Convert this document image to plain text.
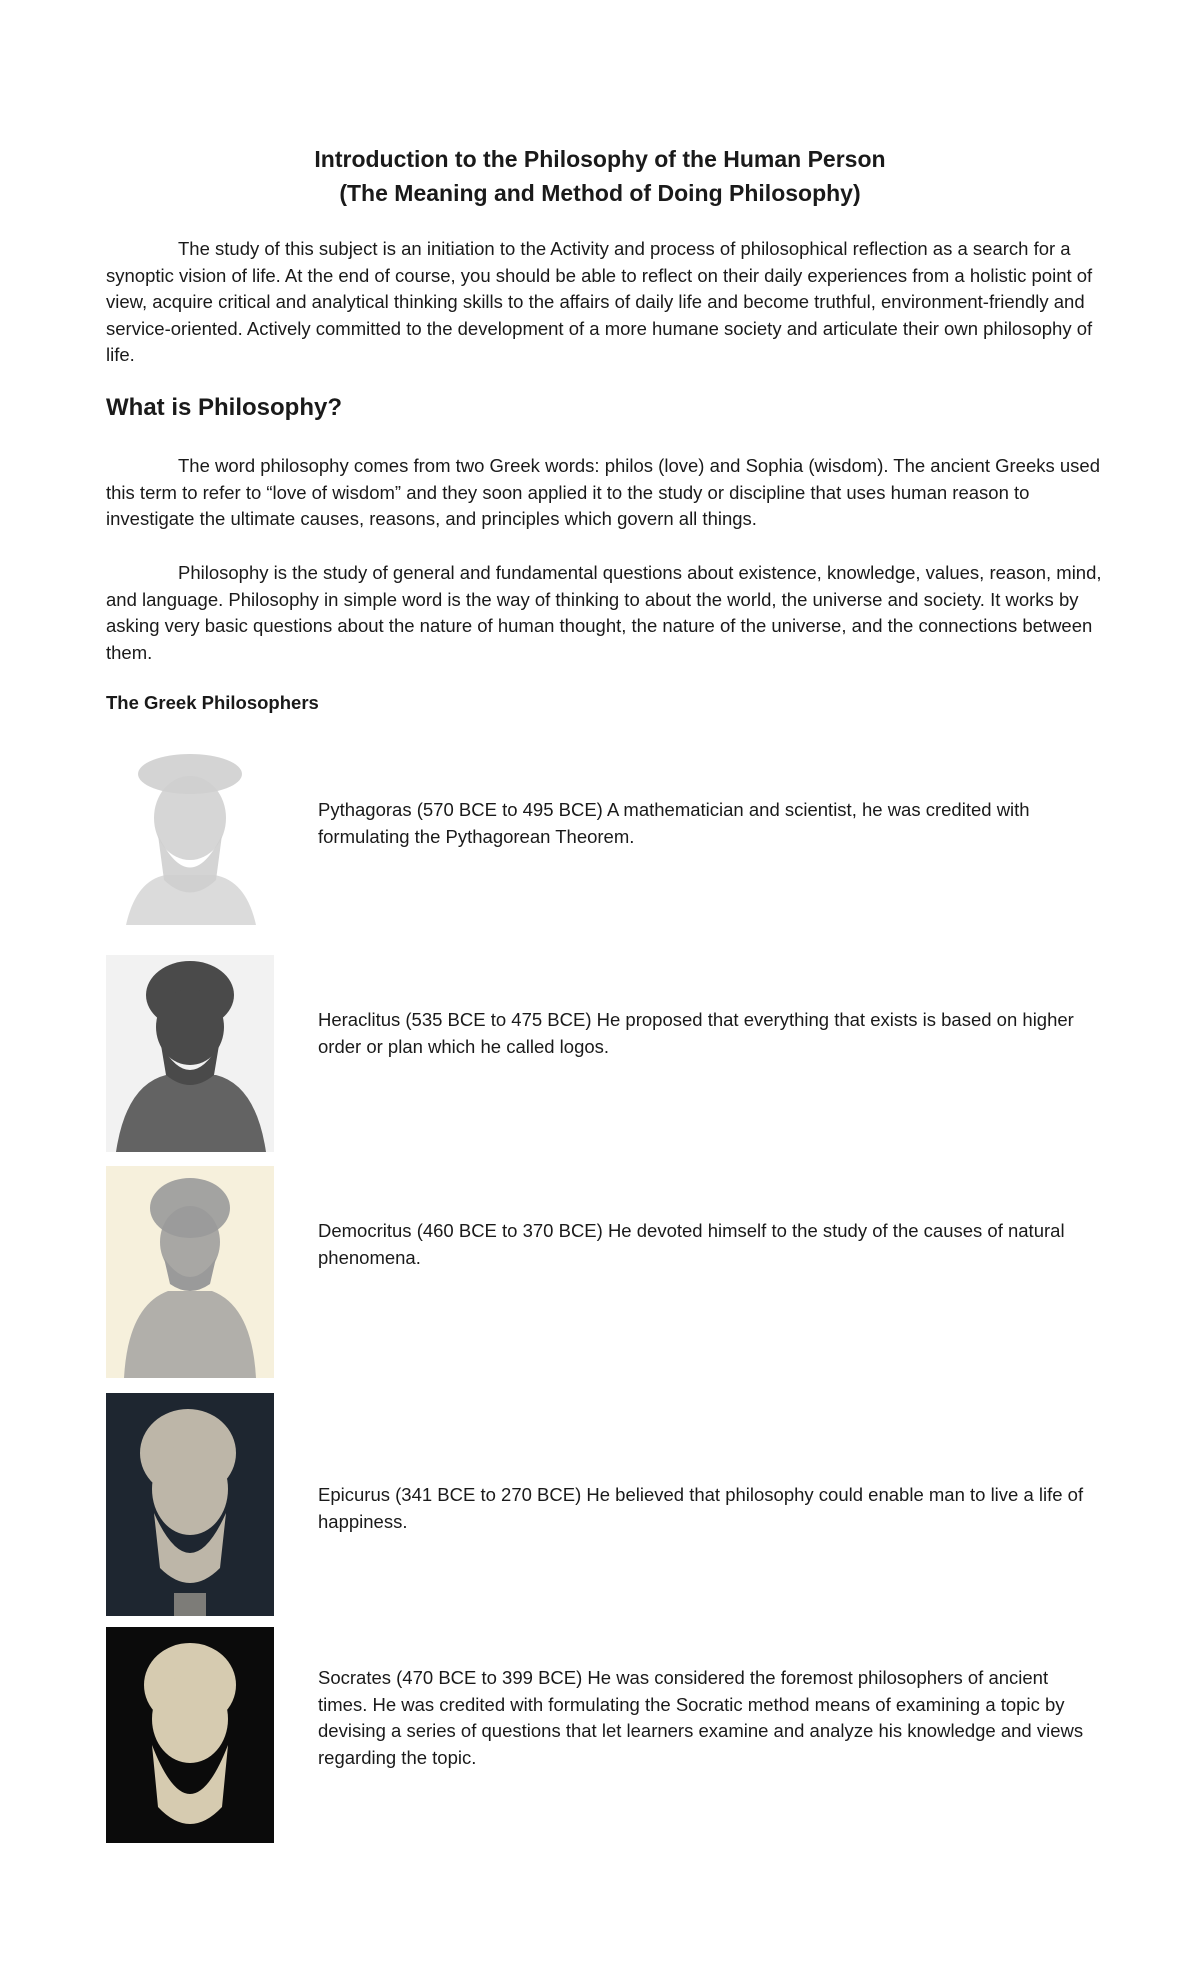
Introduction to the Philosophy of the Human Person
(The Meaning and Method of Doing Philosophy)

The study of this subject is an initiation to the Activity and process of philosophical reflection as a search for a synoptic vision of life. At the end of course, you should be able to reflect on their daily experiences from a holistic point of view, acquire critical and analytical thinking skills to the affairs of daily life and become truthful, environment-friendly and service-oriented. Actively committed to the development of a more humane society and articulate their own philosophy of life.

What is Philosophy?

The word philosophy comes from two Greek words: philos (love) and Sophia (wisdom). The ancient Greeks used this term to refer to “love of wisdom” and they soon applied it to the study or discipline that uses human reason to investigate the ultimate causes, reasons, and principles which govern all things.

Philosophy is the study of general and fundamental questions about existence, knowledge, values, reason, mind, and language. Philosophy in simple word is the way of thinking to about the world, the universe and society. It works by asking very basic questions about the nature of human thought, the nature of the universe, and the connections between them.

The Greek Philosophers

Pythagoras (570 BCE to 495 BCE) A mathematician and scientist, he was credited with formulating the Pythagorean Theorem.

Heraclitus (535 BCE to 475 BCE) He proposed that everything that exists is based on higher order or plan which he called logos.

Democritus (460 BCE to 370 BCE) He devoted himself to the study of the causes of natural phenomena.

Epicurus (341 BCE to 270 BCE) He believed that philosophy could enable man to live a life of happiness.

Socrates (470 BCE to 399 BCE) He was considered the foremost philosophers of ancient times. He was credited with formulating the Socratic method means of examining a topic by devising a series of questions that let learners examine and analyze his knowledge and views regarding the topic.
